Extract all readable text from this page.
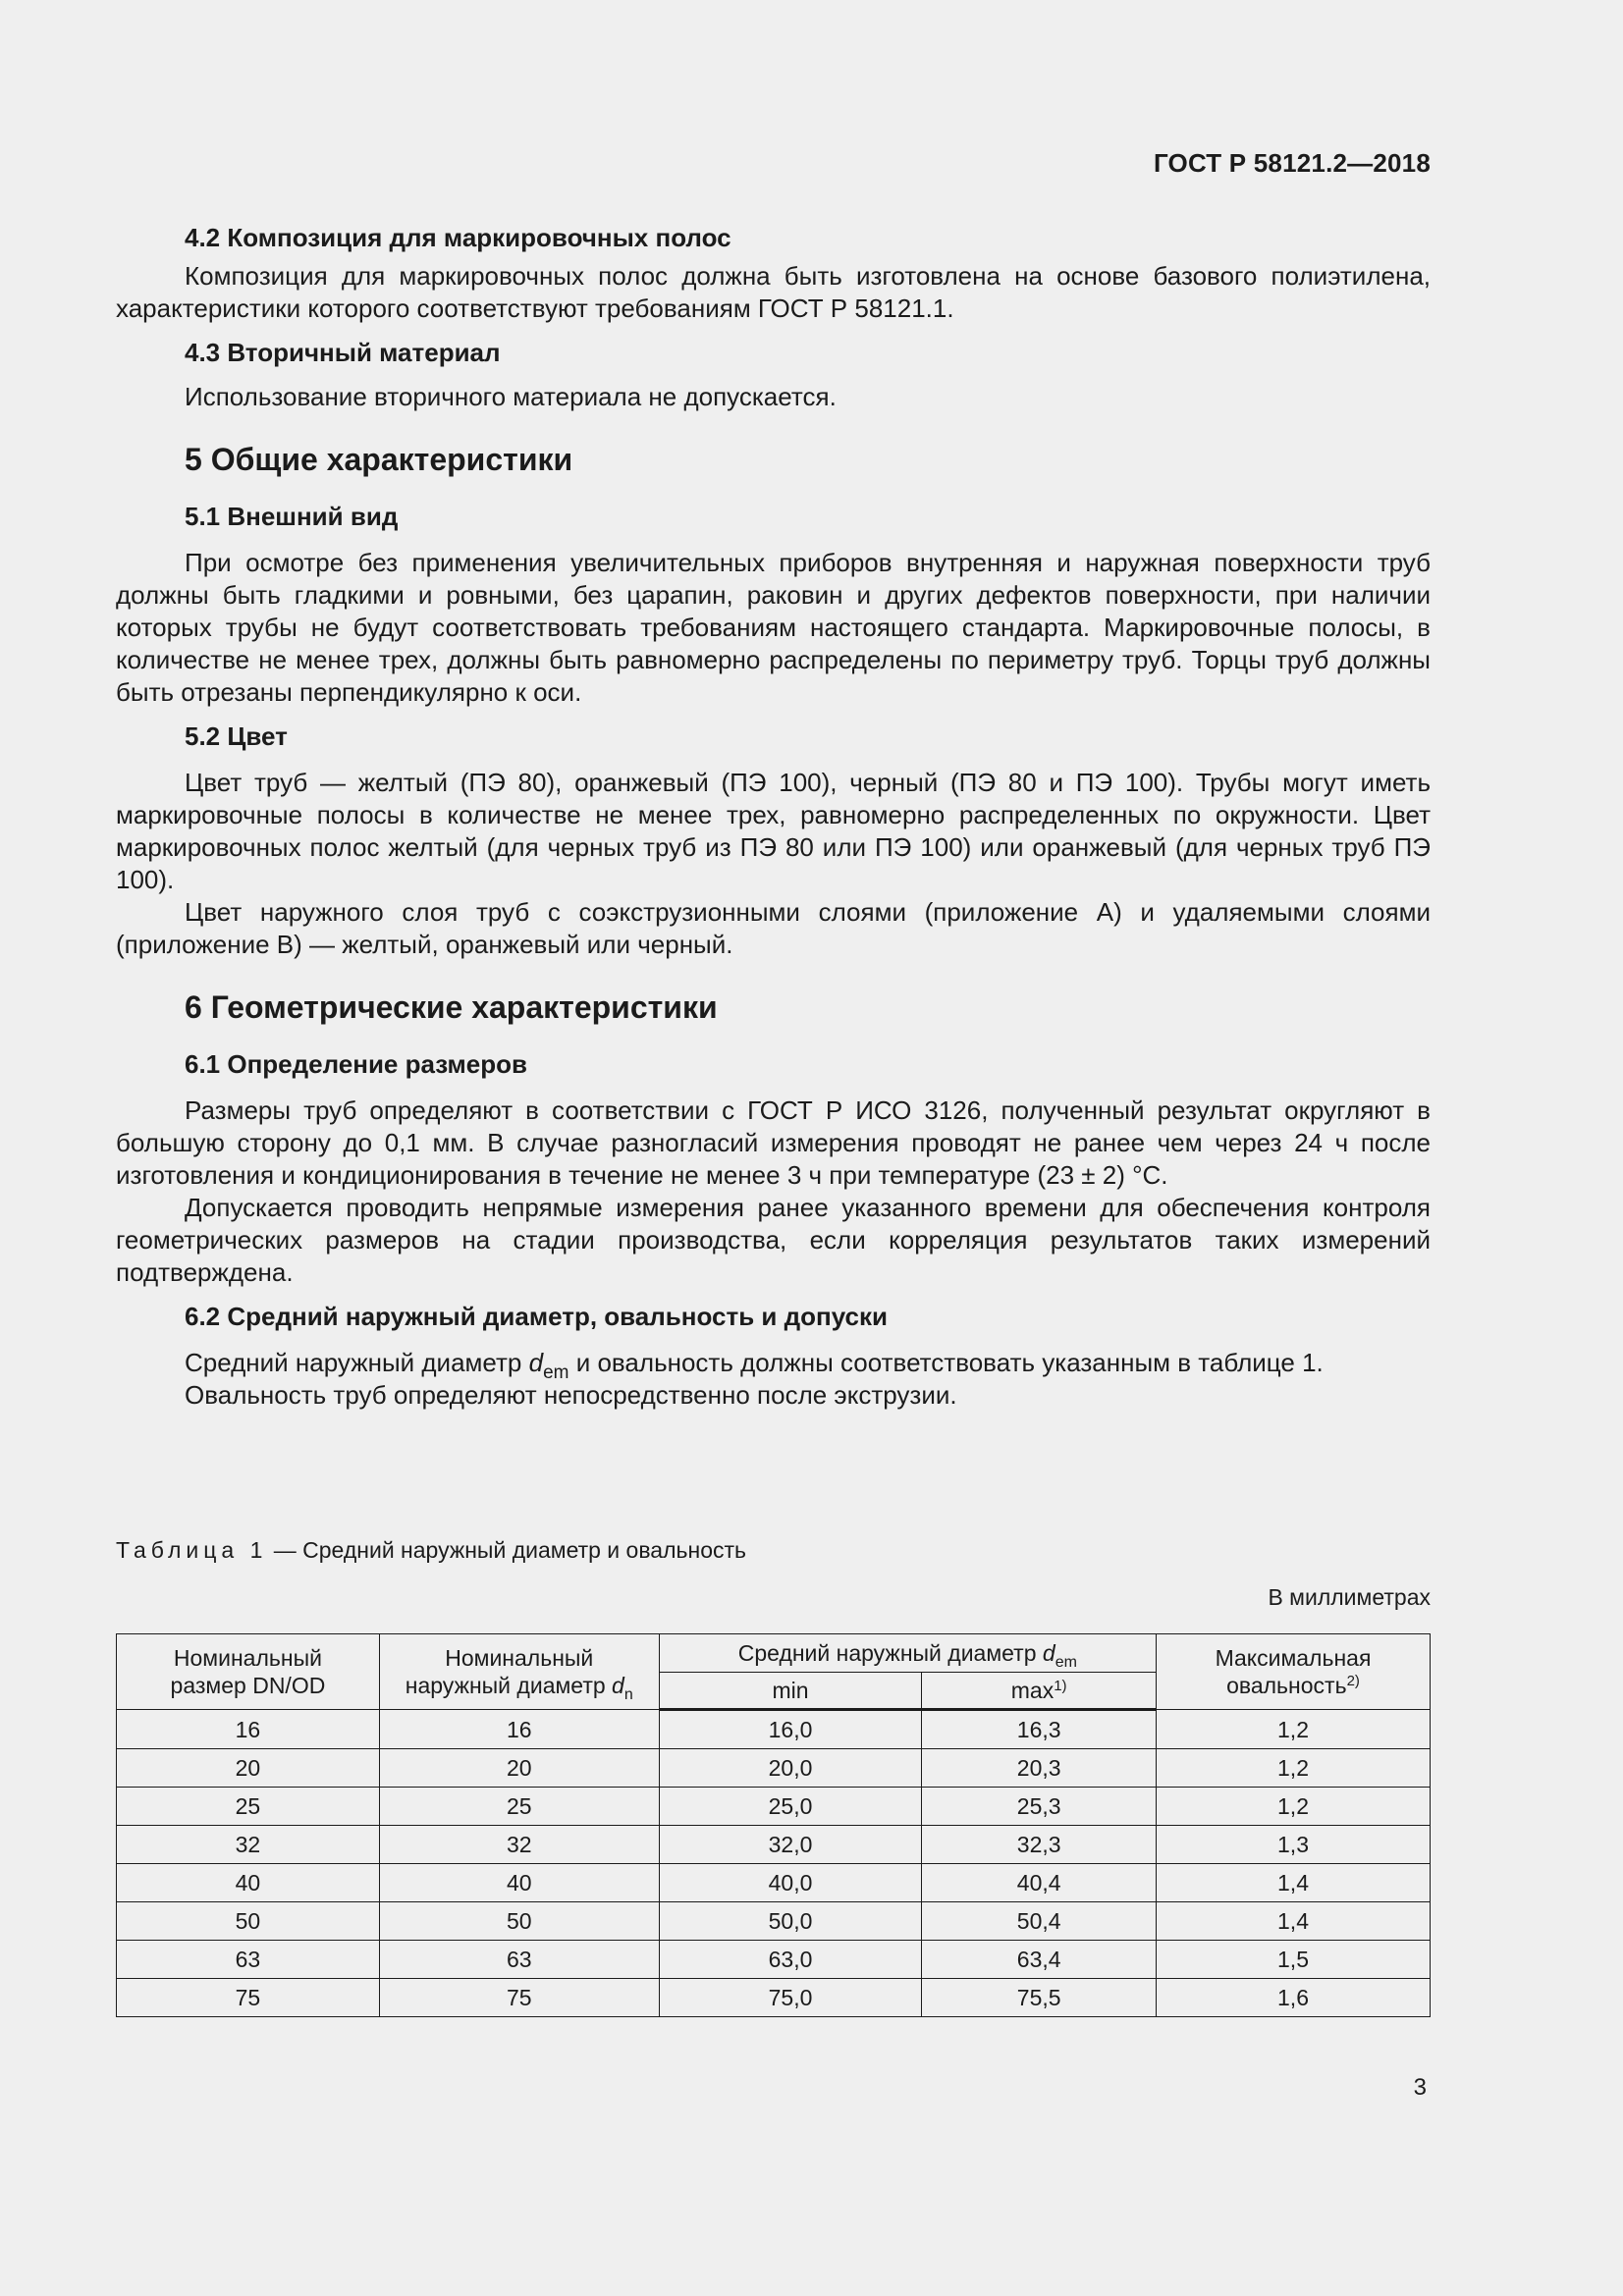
ГОСТ Р 58121.2—2018
4.2 Композиция для маркировочных полос

Композиция для маркировочных полос должна быть изготовлена на основе базового полиэтилена, характеристики которого соответствуют требованиям ГОСТ Р 58121.1.

4.3 Вторичный материал

Использование вторичного материала не допускается.

5 Общие характеристики
5.1 Внешний вид

При осмотре без применения увеличительных приборов внутренняя и наружная поверхности труб должны быть гладкими и ровными, без царапин, раковин и других дефектов поверхности, при наличии которых трубы не будут соответствовать требованиям настоящего стандарта. Маркировочные полосы, в количестве не менее трех, должны быть равномерно распределены по периметру труб. Торцы труб должны быть отрезаны перпендикулярно к оси.

5.2 Цвет

Цвет труб — желтый (ПЭ 80), оранжевый (ПЭ 100), черный (ПЭ 80 и ПЭ 100). Трубы могут иметь маркировочные полосы в количестве не менее трех, равномерно распределенных по окружности. Цвет маркировочных полос желтый (для черных труб из ПЭ 80 или ПЭ 100) или оранжевый (для черных труб ПЭ 100).

Цвет наружного слоя труб с соэкструзионными слоями (приложение А) и удаляемыми слоями (приложение В) — желтый, оранжевый или черный.

6 Геометрические характеристики
6.1 Определение размеров

Размеры труб определяют в соответствии с ГОСТ Р ИСО 3126, полученный результат округляют в большую сторону до 0,1 мм. В случае разногласий измерения проводят не ранее чем через 24 ч после изготовления и кондиционирования в течение не менее 3 ч при температуре (23 ± 2) °С.

Допускается проводить непрямые измерения ранее указанного времени для обеспечения контроля геометрических размеров на стадии производства, если корреляция результатов таких измерений подтверждена.

6.2 Средний наружный диаметр, овальность и допуски

Средний наружный диаметр $d_{em}$ и овальность должны соответствовать указанным в таблице 1.

Овальность труб определяют непосредственно после экструзии.

Таблица 1 — Средний наружный диаметр и овальность
В миллиметрах
Номинальный размер DN/OD	Номинальный наружный диаметр $d_n$	Средний наружный диаметр $d_{em}$		Максимальная овальность$^{2)}$
		min	$\max^{1)}$
16	16	16,0	16,3	1,2
20	20	20,0	20,3	1,2
25	25	25,0	25,3	1,2
32	32	32,0	32,3	1,3
40	40	40,0	40,4	1,4
50	50	50,0	50,4	1,4
63	63	63,0	63,4	1,5
75	75	75,0	75,5	1,6
3
